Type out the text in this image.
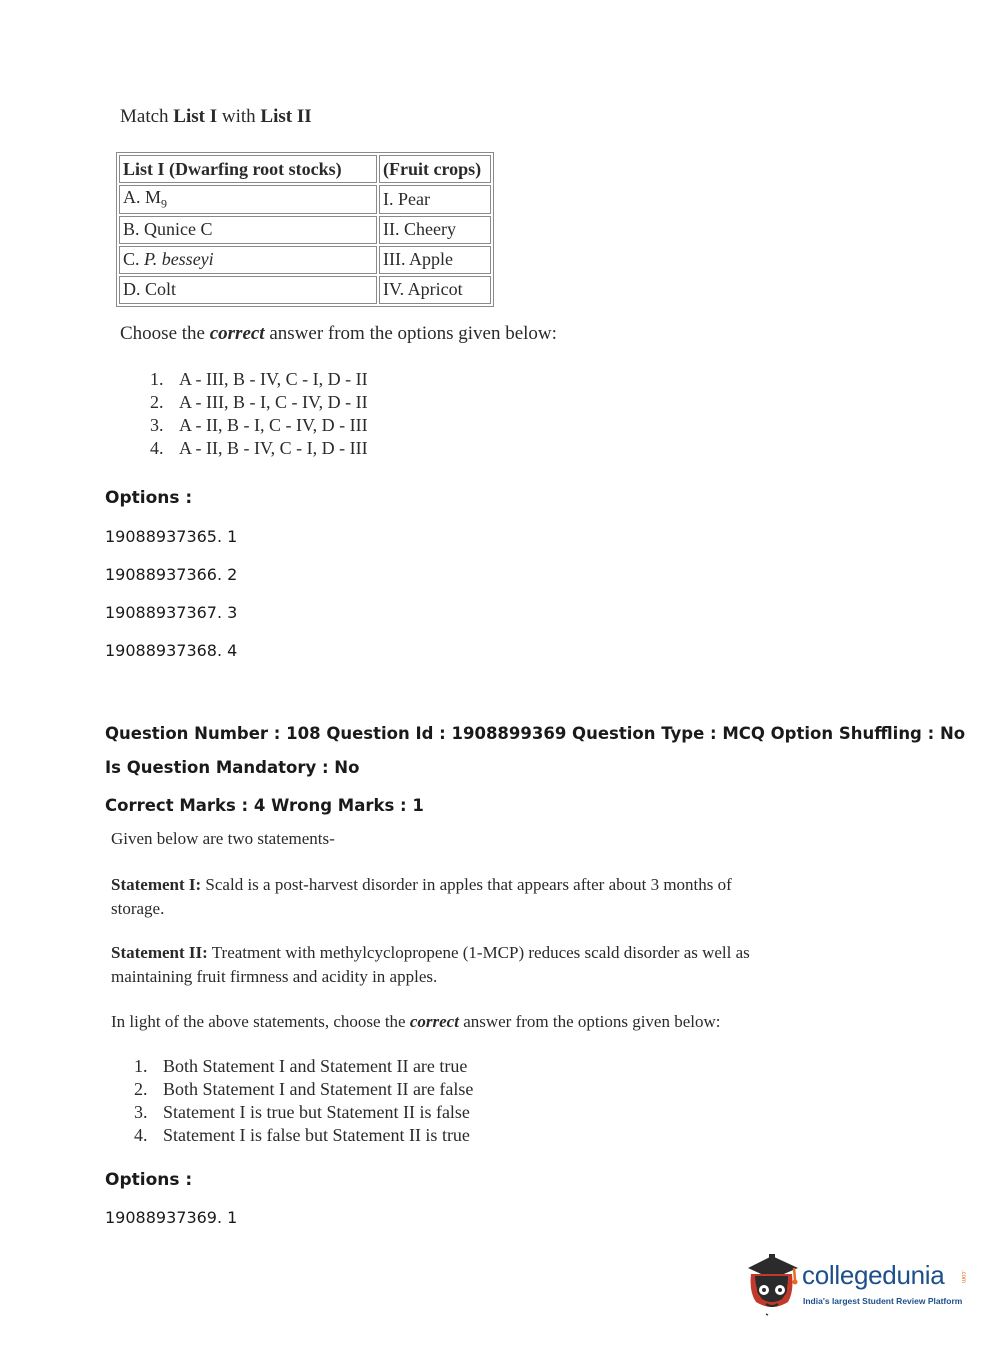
Match List I with List II
List I (Dwarfing root stocks)	(Fruit crops)
A. $M_9$	I. Pear
B. Qunice C	II. Cheery
C. P. besseyi	III. Apple
D. Colt	IV. Apricot
Choose the correct answer from the options given below:
1. A - III, B - IV, C - I, D - II
2. A - III, B - I, C - IV, D - II
3. A - II, B - I, C - IV, D - III
4. A - II, B - IV, C - I, D - III
Options :
19088937365. 1
19088937366. 2
19088937367. 3
19088937368. 4
Question Number : 108 Question Id : 1908899369 Question Type : MCQ Option Shuffling : No
Is Question Mandatory : No
Correct Marks : 4 Wrong Marks : 1
Given below are two statements-
Statement I: Scald is a post-harvest disorder in apples that appears after about 3 months of
storage.
Statement II: Treatment with methylcyclopropene (1-MCP) reduces scald disorder as well as
maintaining fruit firmness and acidity in apples.
In light of the above statements, choose the correct answer from the options given below:
1. Both Statement I and Statement II are true
2. Both Statement I and Statement II are false
3. Statement I is true but Statement II is false
4. Statement I is false but Statement II is true
Options :
19088937369. 1
collegedunia	.com
India's largest Student Review Platform
